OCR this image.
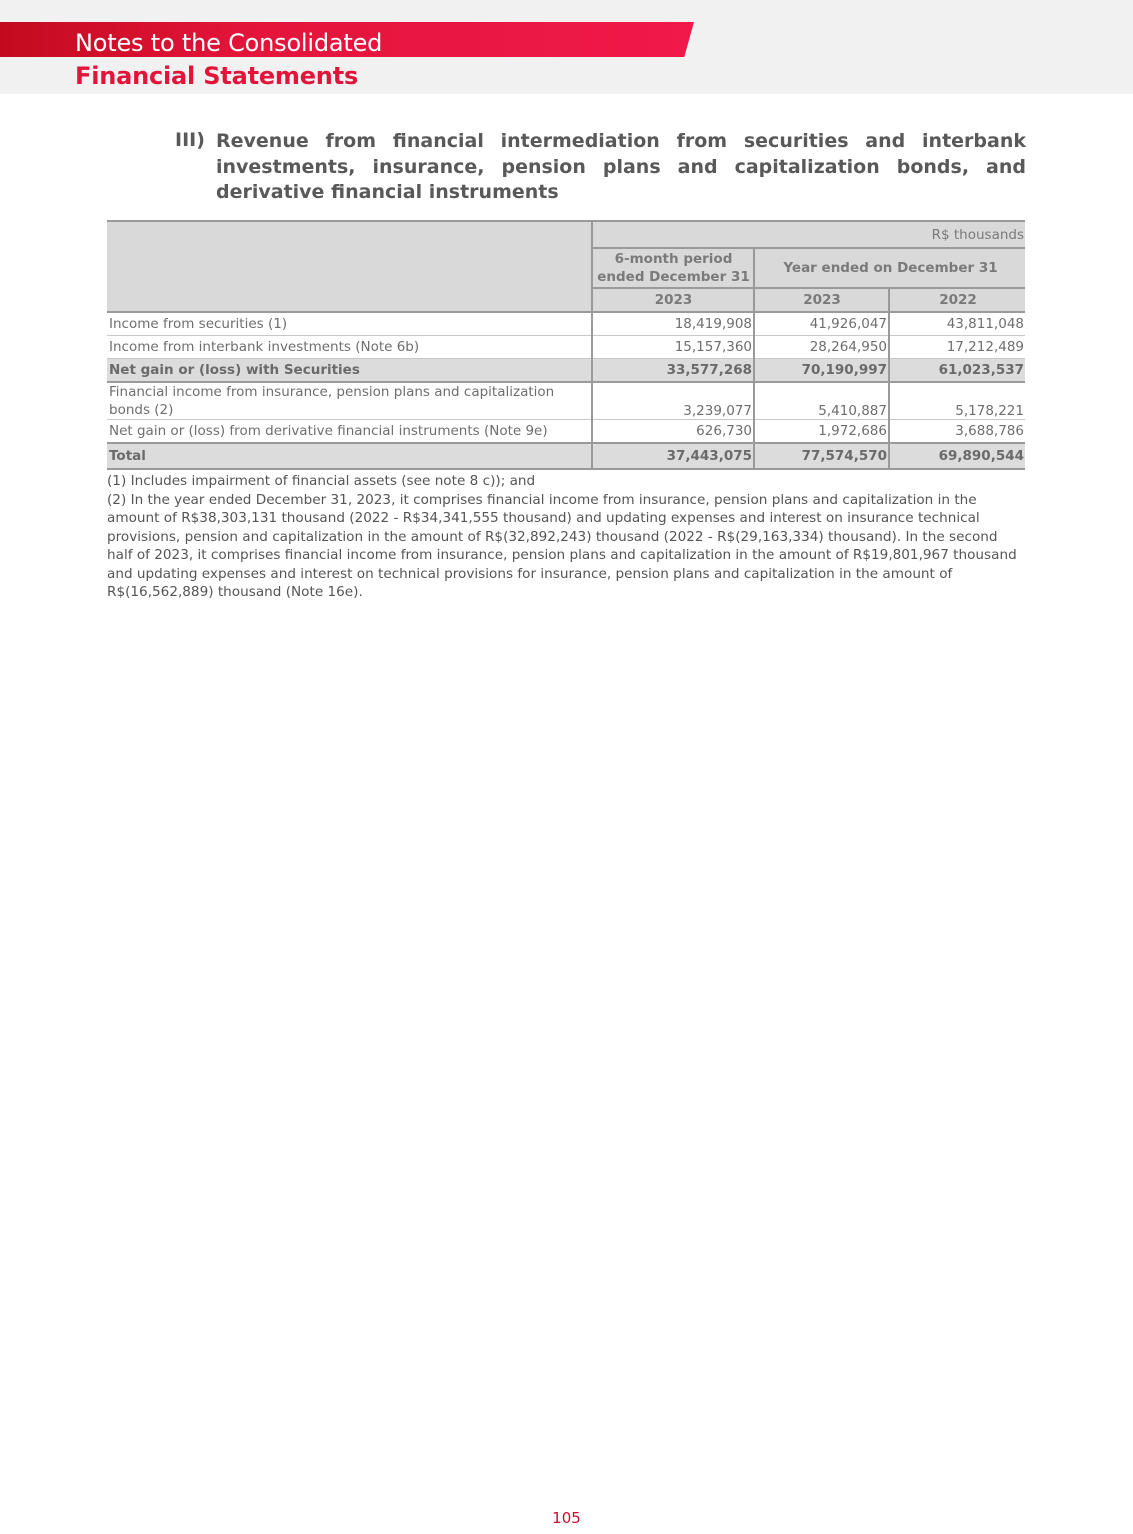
Notes to the Consolidated
Financial Statements
III) Revenue from financial intermediation from securities and interbank investments, insurance, pension plans and capitalization bonds, and derivative financial instruments
	R$ thousands		
	6-month period ended December 31	Year ended on December 31	
	2023	2023	2022
Income from securities (1)	18,419,908	41,926,047	43,811,048
Income from interbank investments (Note 6b)	15,157,360	28,264,950	17,212,489
Net gain or (loss) with Securities	33,577,268	70,190,997	61,023,537
Financial income from insurance, pension plans and capitalization bonds (2)	3,239,077	5,410,887	5,178,221
Net gain or (loss) from derivative financial instruments (Note 9e)	626,730	1,972,686	3,688,786
Total	37,443,075	77,574,570	69,890,544

(1) Includes impairment of financial assets (see note 8 c)); and

(2) In the year ended December 31, 2023, it comprises financial income from insurance, pension plans and capitalization in the amount of R$38,303,131 thousand (2022 - R$34,341,555 thousand) and updating expenses and interest on insurance technical provisions, pension and capitalization in the amount of R$(32,892,243) thousand (2022 - R$(29,163,334) thousand). In the second half of 2023, it comprises financial income from insurance, pension plans and capitalization in the amount of R$19,801,967 thousand and updating expenses and interest on technical provisions for insurance, pension plans and capitalization in the amount of R$(16,562,889) thousand (Note 16e).

105
